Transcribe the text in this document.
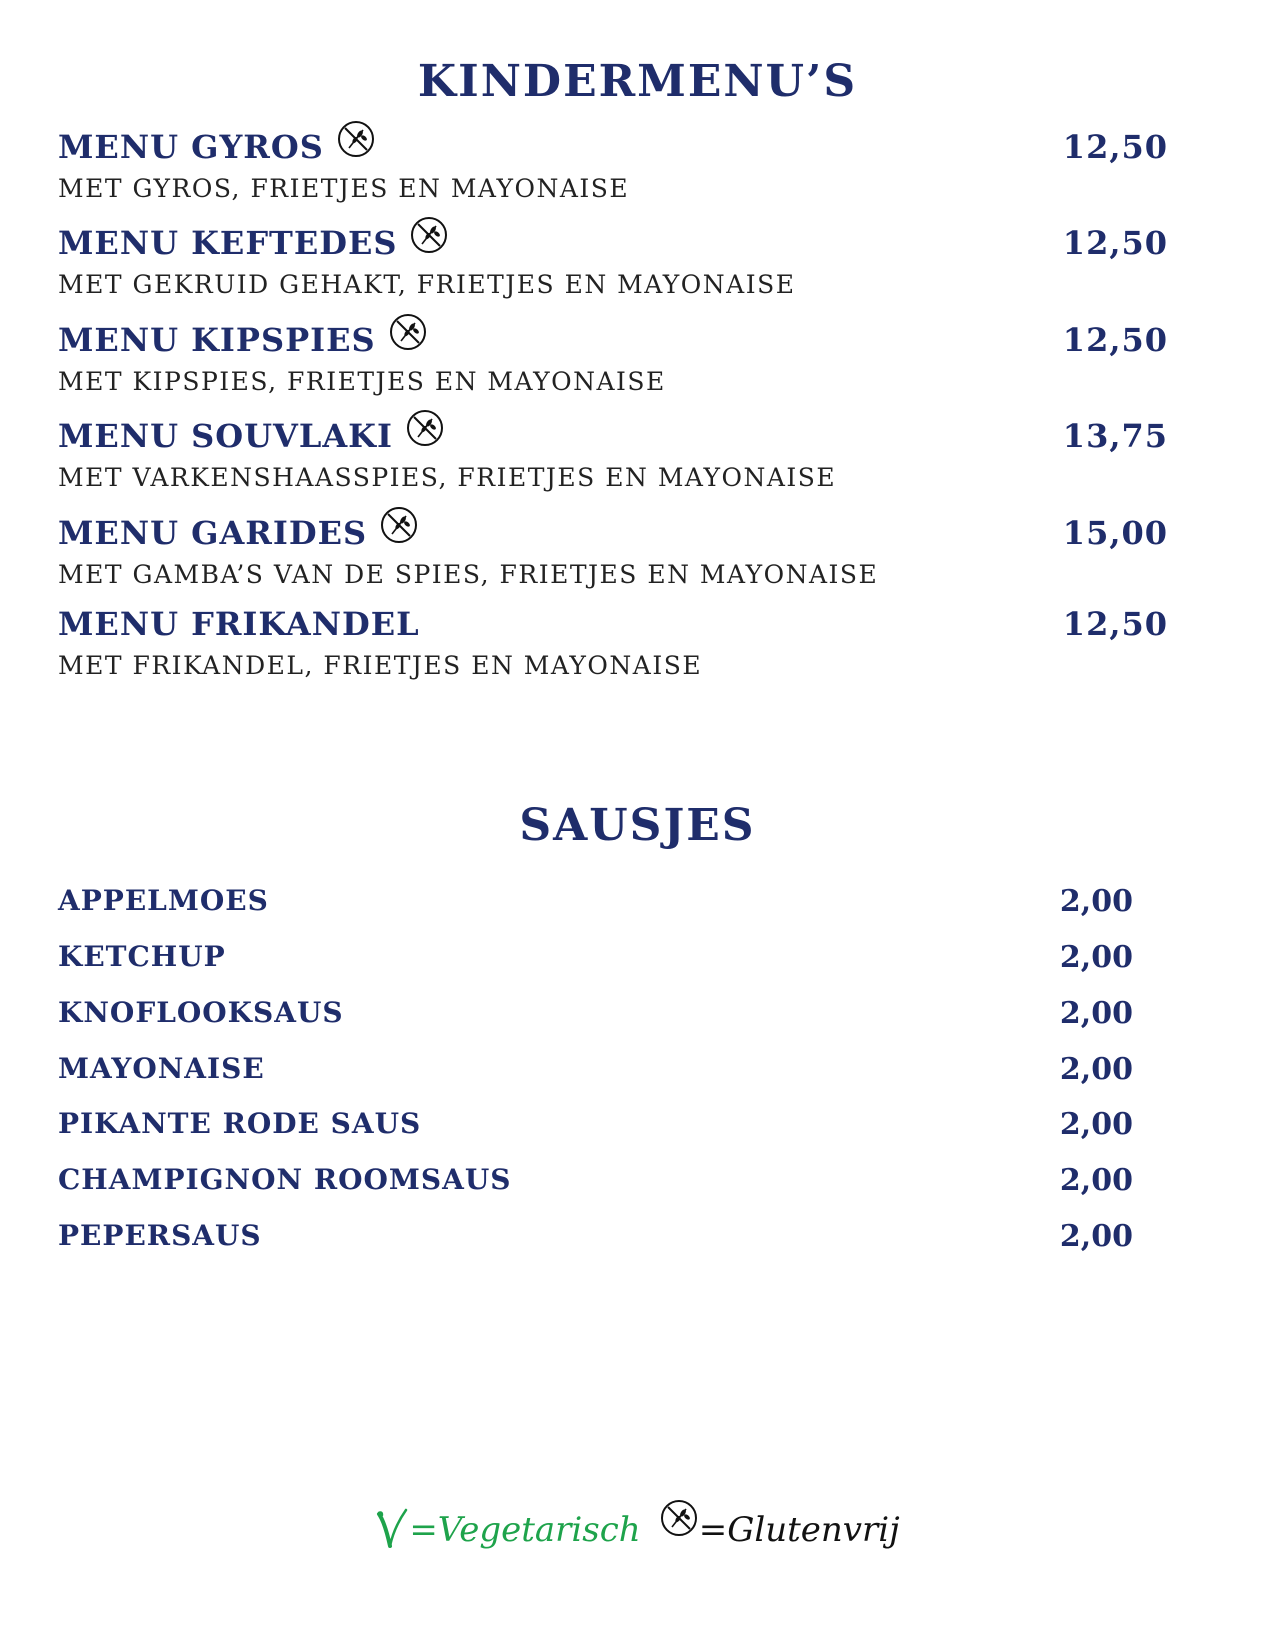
KINDERMENU’S
MENU GYROS	12,50
MET GYROS, FRIETJES EN MAYONAISE
MENU KEFTEDES	12,50
MET GEKRUID GEHAKT, FRIETJES EN MAYONAISE
MENU KIPSPIES	12,50
MET KIPSPIES, FRIETJES EN MAYONAISE
MENU SOUVLAKI	13,75
MET VARKENSHAASSPIES, FRIETJES EN MAYONAISE
MENU GARIDES	15,00
MET GAMBA’S VAN DE SPIES, FRIETJES EN MAYONAISE
MENU FRIKANDEL	12,50
MET FRIKANDEL, FRIETJES EN MAYONAISE
SAUSJES
APPELMOES	2,00
KETCHUP	2,00
KNOFLOOKSAUS	2,00
MAYONAISE	2,00
PIKANTE RODE SAUS	2,00
CHAMPIGNON ROOMSAUS	2,00
PEPERSAUS	2,00
=Vegetarisch =Glutenvrij
